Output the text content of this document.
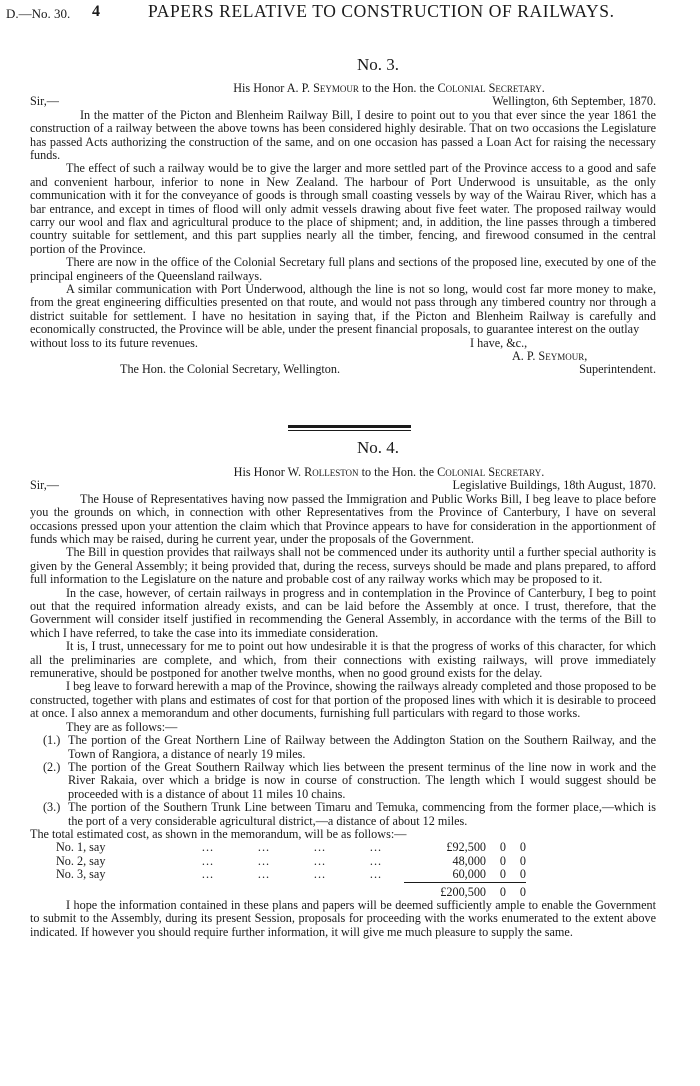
D.—No. 30. 4	PAPERS RELATIVE TO CONSTRUCTION OF RAILWAYS.

No. 3.

His Honor A. P. Seymour to the Hon. the Colonial Secretary.

Sir,—	Wellington, 6th September, 1870.

In the matter of the Picton and Blenheim Railway Bill, I desire to point out to you that ever since the year 1861 the construction of a railway between the above towns has been considered highly desirable. That on two occasions the Legislature has passed Acts authorizing the construction of the same, and on one occasion has passed a Loan Act for raising the necessary funds.

The effect of such a railway would be to give the larger and more settled part of the Province access to a good and safe and convenient harbour, inferior to none in New Zealand. The harbour of Port Underwood is unsuitable, as the only communication with it for the conveyance of goods is through small coasting vessels by way of the Wairau River, which has a bar entrance, and except in times of flood will only admit vessels drawing about five feet water. The proposed railway would carry our wool and flax and agricultural produce to the place of shipment; and, in addition, the line passes through a timbered country suitable for settlement, and this part supplies nearly all the timber, fencing, and firewood consumed in the central portion of the Province.

There are now in the office of the Colonial Secretary full plans and sections of the proposed line, executed by one of the principal engineers of the Queensland railways.

A similar communication with Port Underwood, although the line is not so long, would cost far more money to make, from the great engineering difficulties presented on that route, and would not pass through any timbered country nor through a district suitable for settlement. I have no hesitation in saying that, if the Picton and Blenheim Railway is carefully and economically constructed, the Province will be able, under the present financial proposals, to guarantee interest on the outlay

without loss to its future revenues.	I have, &c.,
A. P. Seymour,
The Hon. the Colonial Secretary, Wellington.	Superintendent.

No. 4.

His Honor W. Rolleston to the Hon. the Colonial Secretary.

Sir,—	Legislative Buildings, 18th August, 1870.

The House of Representatives having now passed the Immigration and Public Works Bill, I beg leave to place before you the grounds on which, in connection with other Representatives from the Province of Canterbury, I have on several occasions pressed upon your attention the claim which that Province appears to have for consideration in the apportionment of funds which may be raised, during he current year, under the proposals of the Government.

The Bill in question provides that railways shall not be commenced under its authority until a further special authority is given by the General Assembly; it being provided that, during the recess, surveys should be made and plans prepared, to afford full information to the Legislature on the nature and probable cost of any railway works which may be proposed to it.

In the case, however, of certain railways in progress and in contemplation in the Province of Canterbury, I beg to point out that the required information already exists, and can be laid before the Assembly at once. I trust, therefore, that the Government will consider itself justified in recommending the General Assembly, in accordance with the terms of the Bill to which I have referred, to take the case into its immediate consideration.

It is, I trust, unnecessary for me to point out how undesirable it is that the progress of works of this character, for which all the preliminaries are complete, and which, from their connections with existing railways, will prove immediately remunerative, should be postponed for another twelve months, when no good ground exists for the delay.

I beg leave to forward herewith a map of the Province, showing the railways already completed and those proposed to be constructed, together with plans and estimates of cost for that portion of the proposed lines with which it is desirable to proceed at once. I also annex a memorandum and other documents, furnishing full particulars with regard to those works.

They are as follows:—

(1.) The portion of the Great Northern Line of Railway between the Addington Station on the Southern Railway, and the Town of Rangiora, a distance of nearly 19 miles.

(2.) The portion of the Great Southern Railway which lies between the present terminus of the line now in work and the River Rakaia, over which a bridge is now in course of construction. The length which I would suggest should be proceeded with is a distance of about 11 miles 10 chains.

(3.) The portion of the Southern Trunk Line between Timaru and Temuka, commencing from the former place,—which is the port of a very considerable agricultural district,—a distance of about 12 miles.

The total estimated cost, as shown in the memorandum, will be as follows:—

No. 1, say	...	...	...	...	£92,500	0	0
No. 2, say	...	...	...	...	48,000	0	0
No. 3, say	...	...	...	...	60,000	0	0
					£200,500	0	0

I hope the information contained in these plans and papers will be deemed sufficiently ample to enable the Government to submit to the Assembly, during its present Session, proposals for proceeding with the works enumerated to the extent above indicated. If however you should require further information, it will give me much pleasure to supply the same.
